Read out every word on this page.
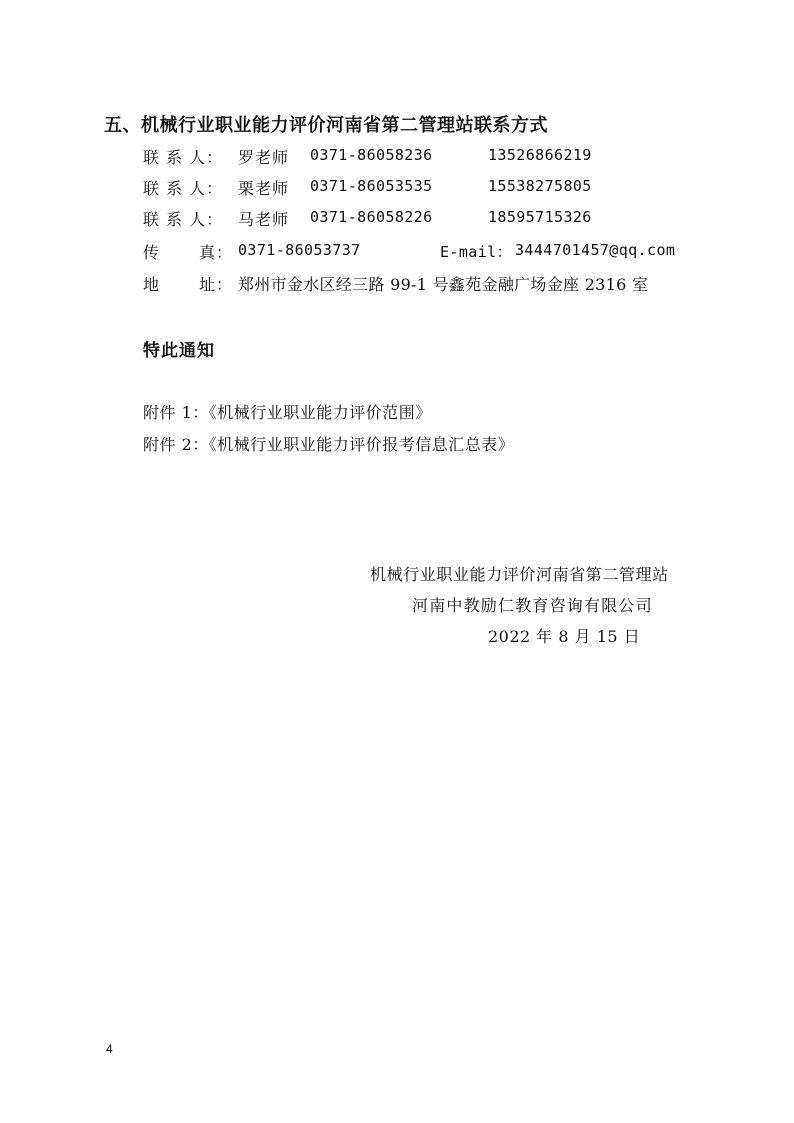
五、机械行业职业能力评价河南省第二管理站联系方式
联 系 人： 罗老师 0371-86058236	13526866219
联 系 人： 栗老师 0371-86053535	15538275805
联 系 人： 马老师 0371-86058226	18595715326
传 真： 0371-86053737	E-mail： 3444701457@qq.com
地 址： 郑州市金水区经三路 99-1 号鑫苑金融广场金座 2316 室
特此通知
附件 1：《机械行业职业能力评价范围》
附件 2：《机械行业职业能力评价报考信息汇总表》
机械行业职业能力评价河南省第二管理站
河南中教励仁教育咨询有限公司
2022 年 8 月 15 日
4
